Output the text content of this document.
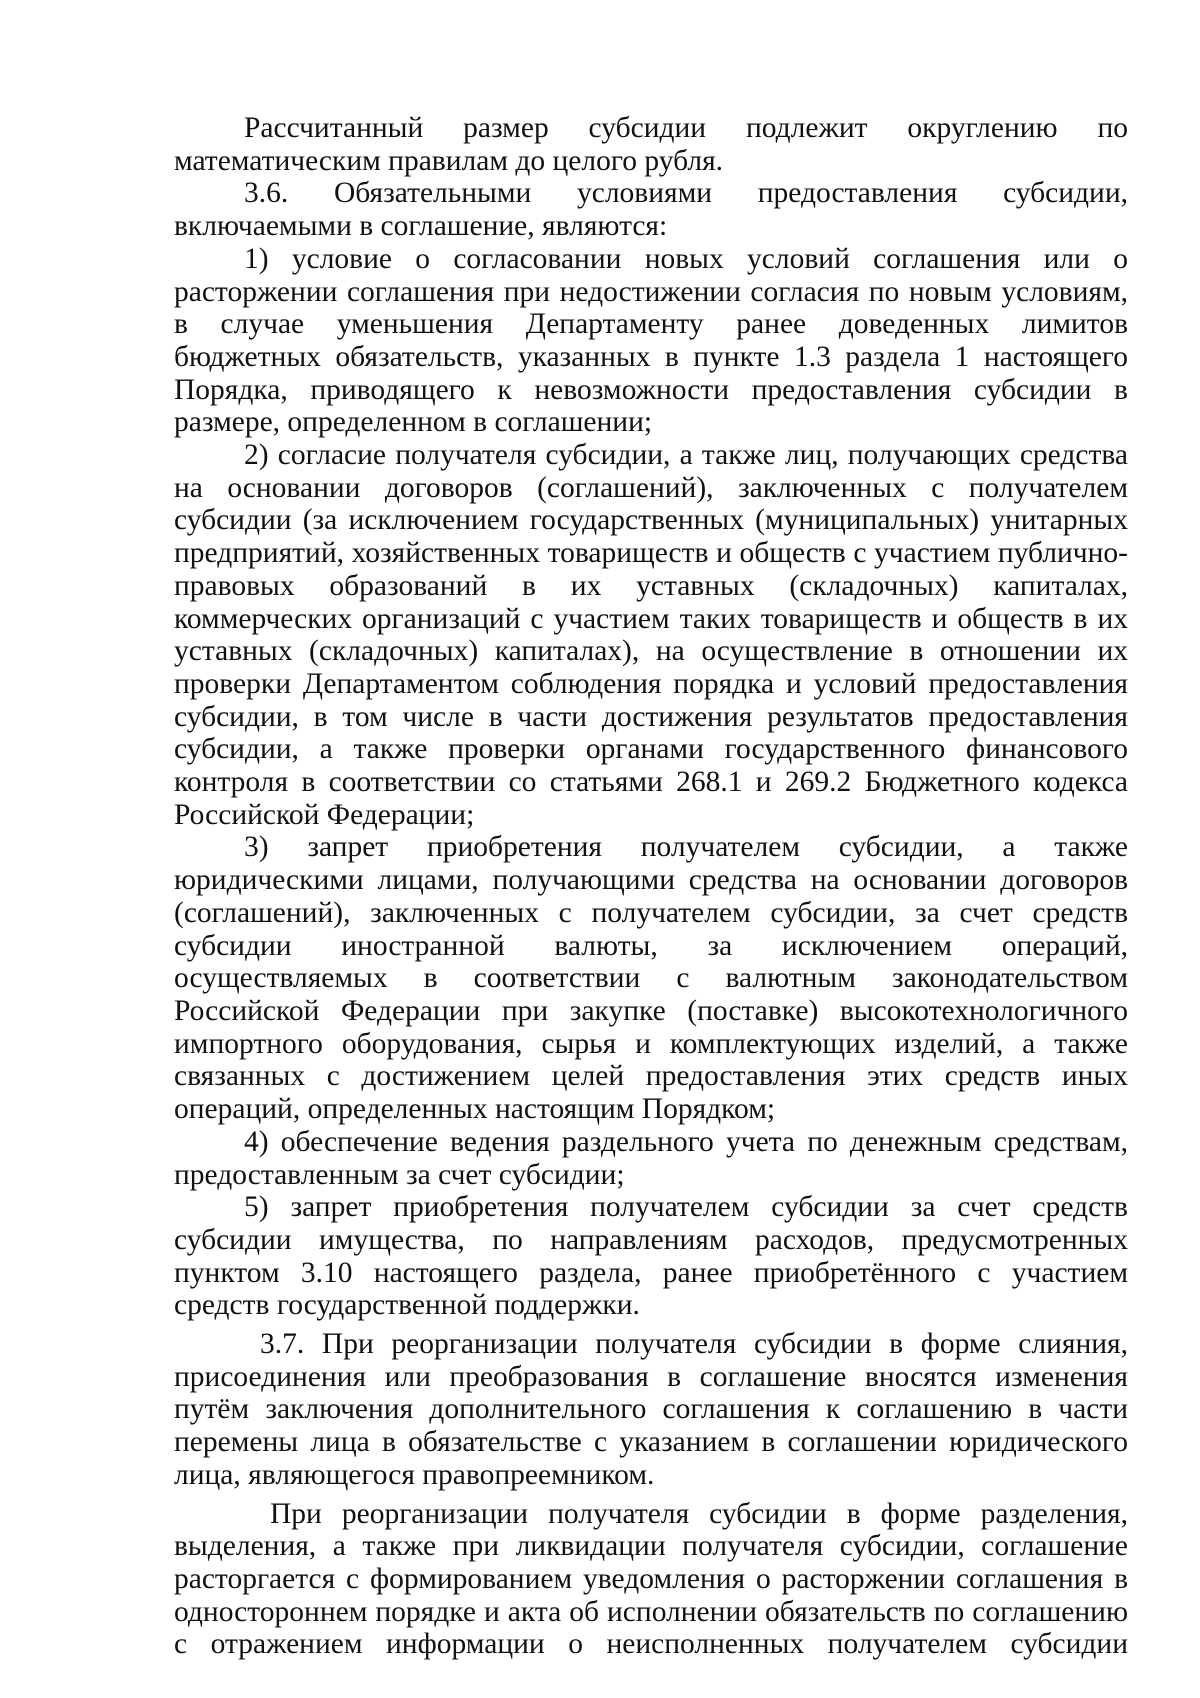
Рассчитанный размер субсидии подлежит округлению по математическим правилам до целого рубля.

3.6. Обязательными условиями предоставления субсидии, включаемыми в соглашение, являются:

1) условие о согласовании новых условий соглашения или о расторжении соглашения при недостижении согласия по новым условиям, в случае уменьшения Департаменту ранее доведенных лимитов бюджетных обязательств, указанных в пункте 1.3 раздела 1 настоящего Порядка, приводящего к невозможности предоставления субсидии в размере, определенном в соглашении;

2) согласие получателя субсидии, а также лиц, получающих средства на основании договоров (соглашений), заключенных с получателем субсидии (за исключением государственных (муниципальных) унитарных предприятий, хозяйственных товариществ и обществ с участием публично-правовых образований в их уставных (складочных) капиталах, коммерческих организаций с участием таких товариществ и обществ в их уставных (складочных) капиталах), на осуществление в отношении их проверки Департаментом соблюдения порядка и условий предоставления субсидии, в том числе в части достижения результатов предоставления субсидии, а также проверки органами государственного финансового контроля в соответствии со статьями 268.1 и 269.2 Бюджетного кодекса Российской Федерации;

3) запрет приобретения получателем субсидии, а также юридическими лицами, получающими средства на основании договоров (соглашений), заключенных с получателем субсидии, за счет средств субсидии иностранной валюты, за исключением операций, осуществляемых в соответствии с валютным законодательством Российской Федерации при закупке (поставке) высокотехнологичного импортного оборудования, сырья и комплектующих изделий, а также связанных с достижением целей предоставления этих средств иных операций, определенных настоящим Порядком;

4) обеспечение ведения раздельного учета по денежным средствам, предоставленным за счет субсидии;

5) запрет приобретения получателем субсидии за счет средств субсидии имущества, по направлениям расходов, предусмотренных пунктом 3.10 настоящего раздела, ранее приобретённого с участием средств государственной поддержки.

3.7. При реорганизации получателя субсидии в форме слияния, присоединения или преобразования в соглашение вносятся изменения путём заключения дополнительного соглашения к соглашению в части перемены лица в обязательстве с указанием в соглашении юридического лица, являющегося правопреемником.

При реорганизации получателя субсидии в форме разделения, выделения, а также при ликвидации получателя субсидии, соглашение расторгается с формированием уведомления о расторжении соглашения в одностороннем порядке и акта об исполнении обязательств по соглашению с отражением информации о неисполненных получателем субсидии
